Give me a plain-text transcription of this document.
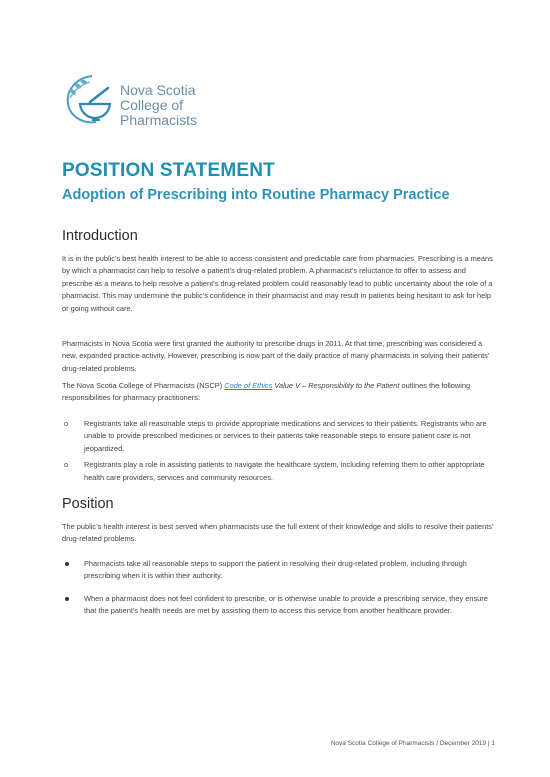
Nova Scotia
College of
Pharmacists
POSITION STATEMENT
Adoption of Prescribing into Routine Pharmacy Practice
Introduction

It is in the public’s best health interest to be able to access consistent and predictable care from pharmacies. Prescribing is a means by which a pharmacist can help to resolve a patient’s drug-related problem. A pharmacist’s reluctance to offer to assess and prescribe as a means to help resolve a patient’s drug-related problem could reasonably lead to public uncertainty about the role of a pharmacist. This may undermine the public’s confidence in their pharmacist and may result in patients being hesitant to ask for help or going without care.

Pharmacists in Nova Scotia were first granted the authority to prescribe drugs in 2011. At that time, prescribing was considered a new, expanded practice activity. However, prescribing is now part of the daily practice of many pharmacists in solving their patients’ drug-related problems.

The Nova Scotia College of Pharmacists (NSCP) Code of Ethics Value V – Responsibility to the Patient outlines the following responsibilities for pharmacy practitioners:

o Registrants take all reasonable steps to provide appropriate medications and services to their patients. Registrants who are unable to provide prescribed medicines or services to their patients take reasonable steps to ensure patient care is not jeopardized.
o Registrants play a role in assisting patients to navigate the healthcare system, including referring them to other appropriate health care providers, services and community resources.
Position

The public’s health interest is best served when pharmacists use the full extent of their knowledge and skills to resolve their patients’ drug-related problems.

Pharmacists take all reasonable steps to support the patient in resolving their drug-related problem, including through prescribing when it is within their authority.
When a pharmacist does not feel confident to prescribe, or is otherwise unable to provide a prescribing service, they ensure that the patient’s health needs are met by assisting them to access this service from another healthcare provider.
Nova Scotia College of Pharmacists / December 2019 | 1
